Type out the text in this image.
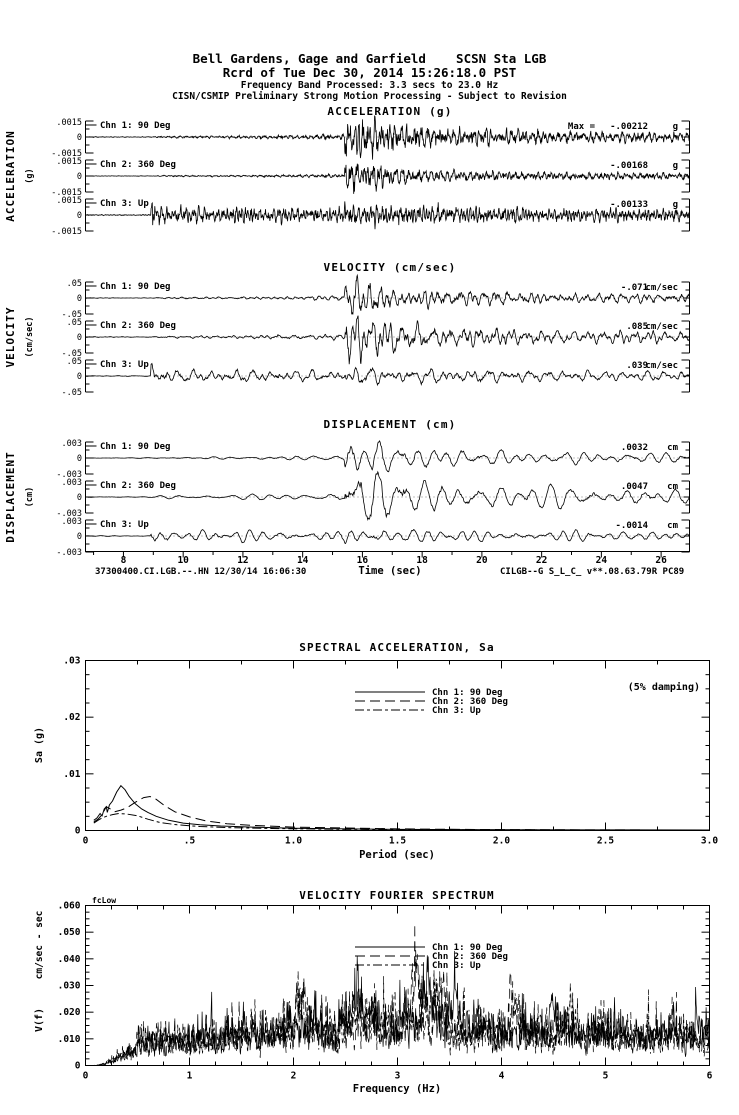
Bell Gardens, Gage and Garfield    SCSN Sta LGB
Rcrd of Tue Dec 30, 2014 15:26:18.0 PST
Frequency Band Processed: 3.3 secs to 23.0 Hz
CISN/CSMIP Preliminary Strong Motion Processing - Subject to Revision
ACCELERATION (g)
ACCELERATION (g)
.0015
0
-.0015
Chn 1: 90 Deg	Max = -.00212	g
.0015
0
-.0015
Chn 2: 360 Deg	-.00168	g
.0015
0
-.0015
Chn 3: Up	-.00133	g
VELOCITY (cm/sec)
VELOCITY (cm/sec)
.05
0
-.05
Chn 1: 90 Deg	-.071
cm/sec
.05
0
-.05
Chn 2: 360 Deg	.085
cm/sec
.05
0
-.05
Chn 3: Up	.039
cm/sec
DISPLACEMENT (cm)
DISPLACEMENT (cm)
.003
0
-.003
Chn 1: 90 Deg	.0032 cm
.003
0
-.003
Chn 2: 360 Deg	.0047 cm
.003
0
-.003
Chn 3: Up	-.0014 cm
8	10	12	14	16	18	20	22	24	26
Time (sec)
37300400.CI.LGB.--.HN 12/30/14 16:06:30	CILGB--G S_L_C_ v**.08.63.79R PC89
SPECTRAL ACCELERATION, Sa
0	.5	1.0	1.5	2.0	2.5	3.0
.03
.02
.01
0
Sa (g)
Period (sec)
(5% damping)
Chn 1: 90 Deg
Chn 2: 360 Deg
Chn 3: Up
VELOCITY FOURIER SPECTRUM
0	1	2	3	4	5	6
.060
.050
.040
.030
.020
.010
0
fcLow
cm/sec - sec
V(f)
Frequency (Hz)
Chn 1: 90 Deg
Chn 2: 360 Deg
Chn 3: Up
